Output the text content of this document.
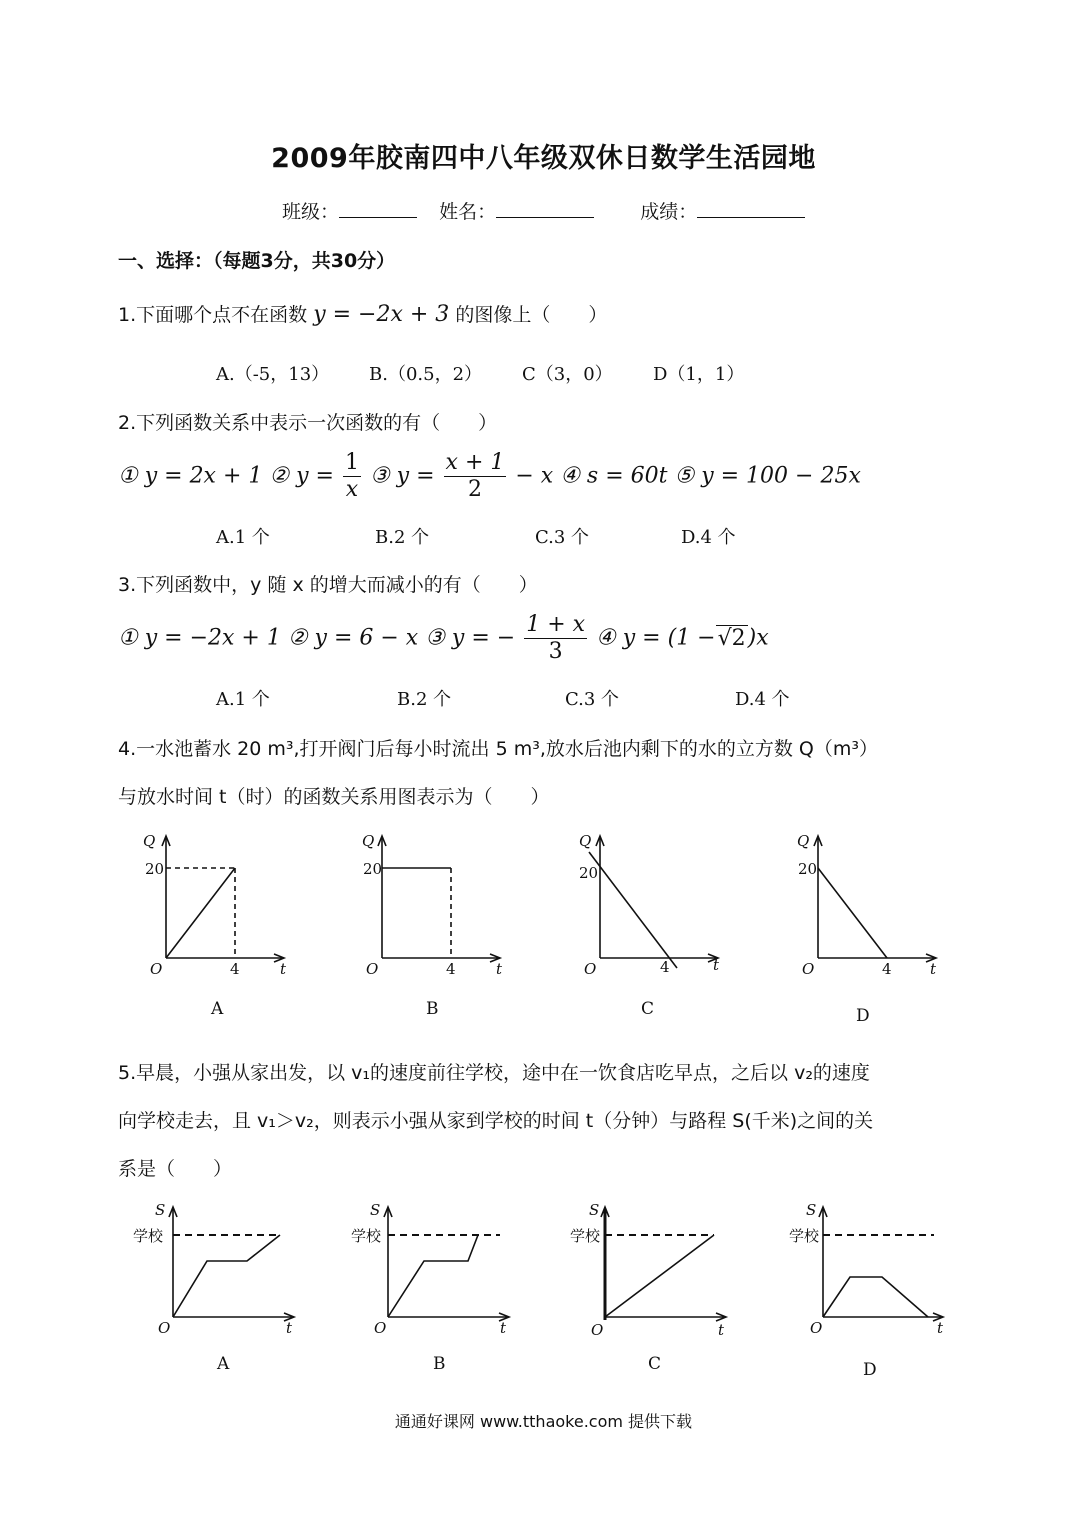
2009年胶南四中八年级双休日数学生活园地
班级：	姓名：	成绩：
一、选择：（每题3分，共30分）
1.下面哪个点不在函数 y = −2x + 3 的图像上（　　）
A.（-5，13） B.（0.5，2） C（3，0） D（1，1）
2.下列函数关系中表示一次函数的有（　　）
① y = 2x + 1 ② $y = \frac{1}{x}$ ③ $y = \frac{x + 1}{2} - x$ ④ s = 60t ⑤ y = 100 − 25x
A.1 个	B.2 个	C.3 个	D.4 个
3.下列函数中，y 随 x 的增大而减小的有（　　）
① y = −2x + 1 ② y = 6 − x ③ y = − $\frac{1 + x}{3}$ ④ y = (1 −√2)x
A.1 个	B.2 个	C.3 个	D.4 个
4.一水池蓄水 20 m³,打开阀门后每小时流出 5 m³,放水后池内剩下的水的立方数 Q（m³）
与放水时间 t（时）的函数关系用图表示为（　　）
Q
20
O	4	t
Q
20
O	4	t
Q
20
O	4	t
Q
20
O	4	t
A	B	C	D
5.早晨，小强从家出发，以 v₁的速度前往学校，途中在一饮食店吃早点，之后以 v₂的速度
向学校走去，且 v₁＞v₂，则表示小强从家到学校的时间 t（分钟）与路程 S(千米)之间的关
系是（　　）
S
学校
O	t
S
学校
O	t
S
学校
O	t
S
学校
O	t
A	B	C	D
通通好课网 www.tthaoke.com 提供下载
